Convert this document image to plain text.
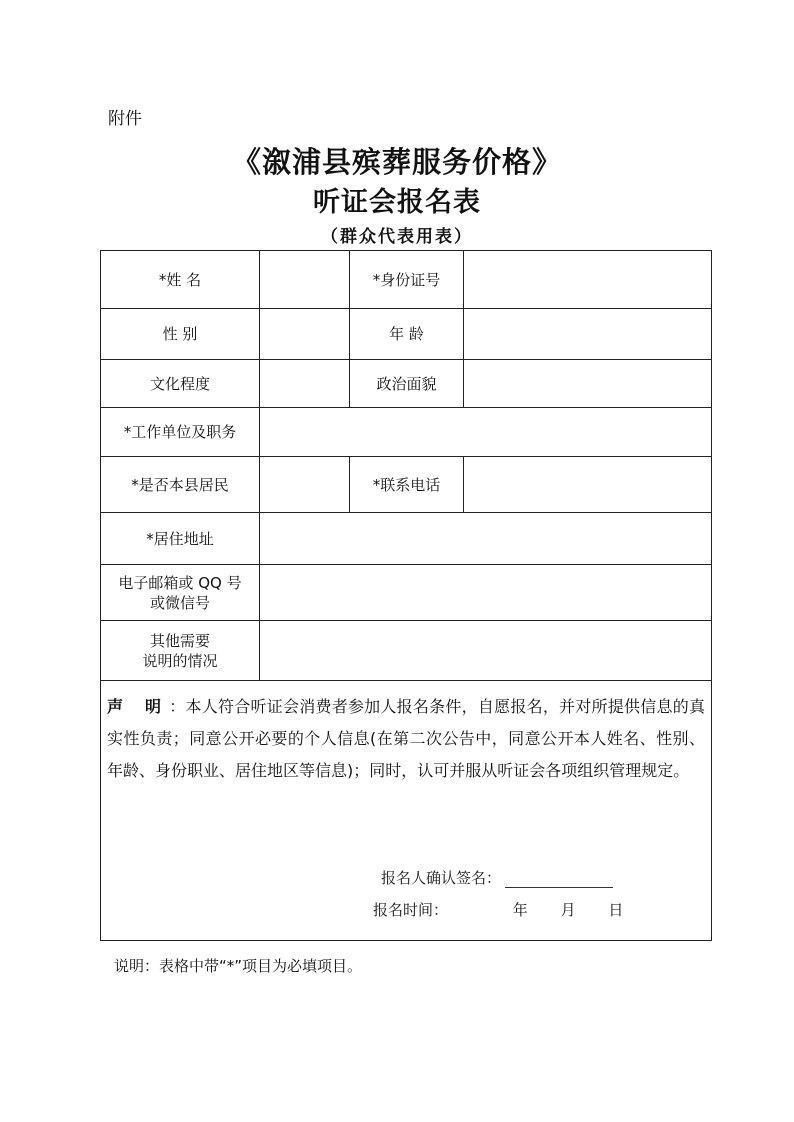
附件
《溆浦县殡葬服务价格》
听证会报名表
（群众代表用表）
*姓 名		*身份证号	
性 别		年 龄	
文化程度		政治面貌	
*工作单位及职务			
*是否本县居民		*联系电话	
*居住地址			

电子邮箱或 QQ 号
或微信号			

其他需要
说明的情况			

声 明：本人符合听证会消费者参加人报名条件，自愿报名，并对所提供信息的真实性负责；同意公开必要的个人信息(在第二次公告中，同意公开本人姓名、性别、年龄、身份职业、居住地区等信息)；同时，认可并服从听证会各项组织管理规定。
报名人确认签名：
报名时间： 年 月 日			
说明：表格中带“*”项目为必填项目。
